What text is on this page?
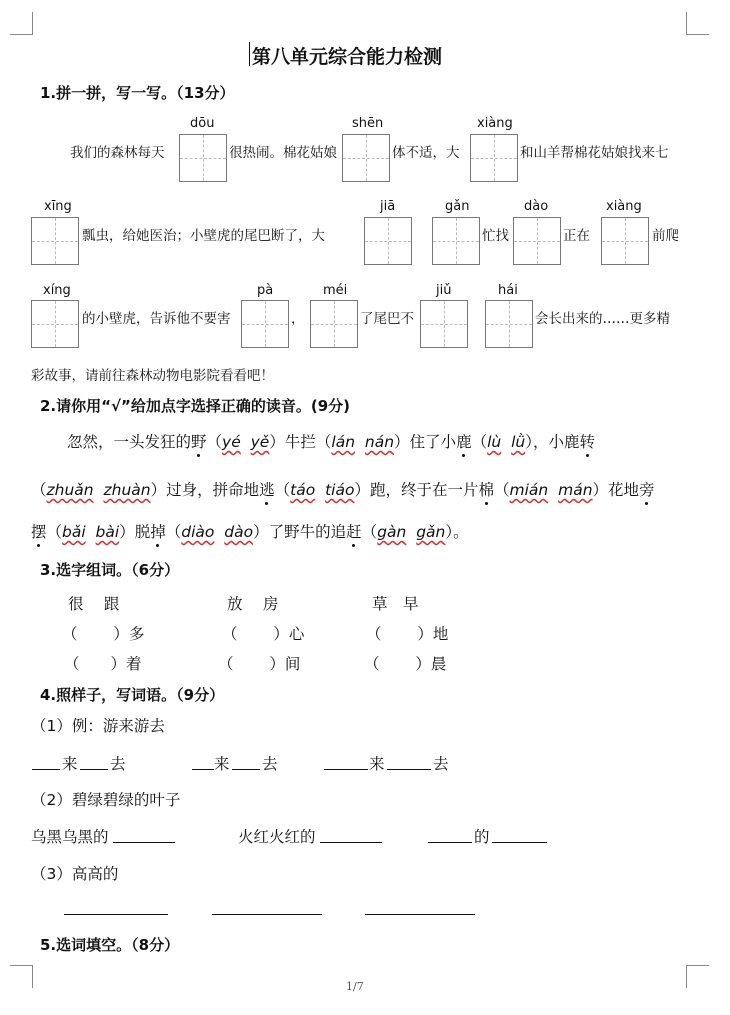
第八单元综合能力检测
1.拼一拼，写一写。（13分）
dōu	shēn	xiàng
我们的森林每天	很热闹。棉花姑娘	体不适，大	和山羊帮棉花姑娘找来七
xīng	jiā	gǎn	dào	xiàng
瓢虫，给她医治；小壁虎的尾巴断了，大	忙找	正在	前爬
xíng	pà	méi	jiǔ	hái
的小壁虎，告诉他不要害	，	了尾巴不	会长出来的……更多精
彩故事，请前往森林动物电影院看看吧！
2.请你用“√”给加点字选择正确的读音。(9分)
忽然，一头发狂的野（yé yě）牛拦（lán nán）住了小鹿（lù lǜ），小鹿转
（zhuǎn zhuàn）过身，拼命地逃（táo tiáo）跑，终于在一片棉（mián mán）花地旁
摆（bǎi bài）脱掉（diào dào）了野牛的追赶（gàn gǎn）。
3.选字组词。（6分）
很　 跟	放　 房	草　早
（　　 ）多	（　　 ）心	（　　 ）地
（　　）着	（　　 ）间	（　　 ）晨
4.照样子，写词语。（9分）
（1）例：游来游去
来 去	来 去	来	去
（2）碧绿碧绿的叶子
乌黑乌黑的	火红火红的	的
（3）高高的
5.选词填空。（8分）
1/7
